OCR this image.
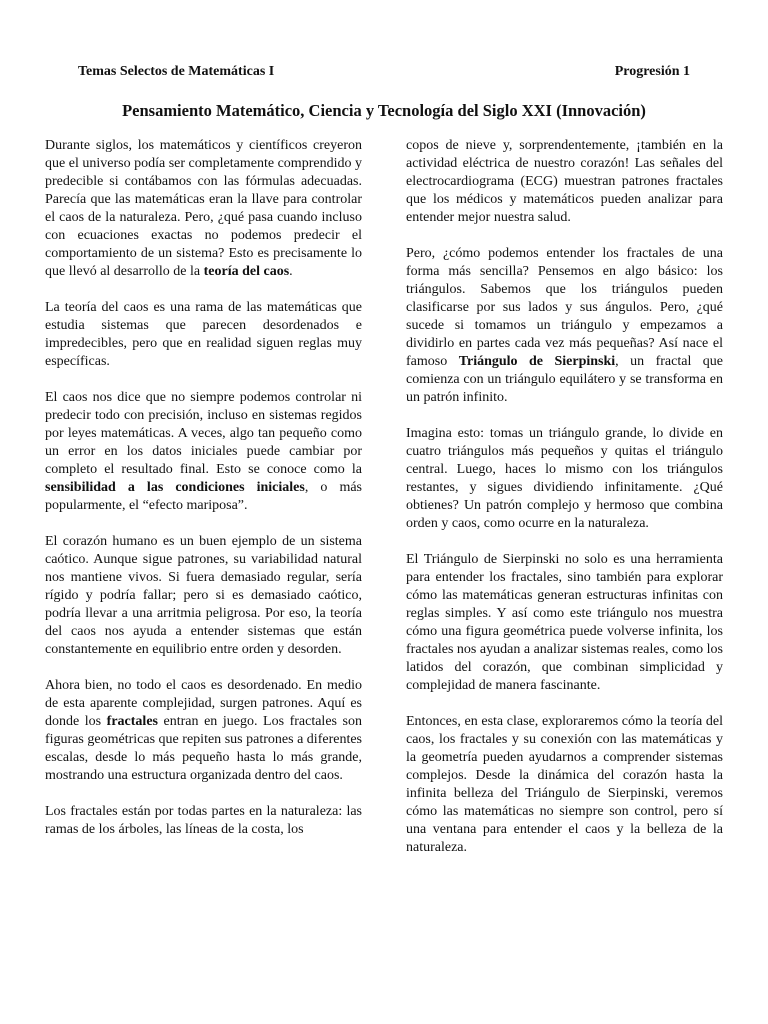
Temas Selectos de Matemáticas I	Progresión 1
Pensamiento Matemático, Ciencia y Tecnología del Siglo XXI (Innovación)

Durante siglos, los matemáticos y científicos creyeron que el universo podía ser completamente comprendido y predecible si contábamos con las fórmulas adecuadas. Parecía que las matemáticas eran la llave para controlar el caos de la naturaleza. Pero, ¿qué pasa cuando incluso con ecuaciones exactas no podemos predecir el comportamiento de un sistema? Esto es precisamente lo que llevó al desarrollo de la teoría del caos.

La teoría del caos es una rama de las matemáticas que estudia sistemas que parecen desordenados e impredecibles, pero que en realidad siguen reglas muy específicas.

El caos nos dice que no siempre podemos controlar ni predecir todo con precisión, incluso en sistemas regidos por leyes matemáticas. A veces, algo tan pequeño como un error en los datos iniciales puede cambiar por completo el resultado final. Esto se conoce como la sensibilidad a las condiciones iniciales, o más popularmente, el “efecto mariposa”.

El corazón humano es un buen ejemplo de un sistema caótico. Aunque sigue patrones, su variabilidad natural nos mantiene vivos. Si fuera demasiado regular, sería rígido y podría fallar; pero si es demasiado caótico, podría llevar a una arritmia peligrosa. Por eso, la teoría del caos nos ayuda a entender sistemas que están constantemente en equilibrio entre orden y desorden.

Ahora bien, no todo el caos es desordenado. En medio de esta aparente complejidad, surgen patrones. Aquí es donde los fractales entran en juego. Los fractales son figuras geométricas que repiten sus patrones a diferentes escalas, desde lo más pequeño hasta lo más grande, mostrando una estructura organizada dentro del caos.

Los fractales están por todas partes en la naturaleza: las ramas de los árboles, las líneas de la costa, los

copos de nieve y, sorprendentemente, ¡también en la actividad eléctrica de nuestro corazón! Las señales del electrocardiograma (ECG) muestran patrones fractales que los médicos y matemáticos pueden analizar para entender mejor nuestra salud.

Pero, ¿cómo podemos entender los fractales de una forma más sencilla? Pensemos en algo básico: los triángulos. Sabemos que los triángulos pueden clasificarse por sus lados y sus ángulos. Pero, ¿qué sucede si tomamos un triángulo y empezamos a dividirlo en partes cada vez más pequeñas? Así nace el famoso Triángulo de Sierpinski, un fractal que comienza con un triángulo equilátero y se transforma en un patrón infinito.

Imagina esto: tomas un triángulo grande, lo divide en cuatro triángulos más pequeños y quitas el triángulo central. Luego, haces lo mismo con los triángulos restantes, y sigues dividiendo infinitamente. ¿Qué obtienes? Un patrón complejo y hermoso que combina orden y caos, como ocurre en la naturaleza.

El Triángulo de Sierpinski no solo es una herramienta para entender los fractales, sino también para explorar cómo las matemáticas generan estructuras infinitas con reglas simples. Y así como este triángulo nos muestra cómo una figura geométrica puede volverse infinita, los fractales nos ayudan a analizar sistemas reales, como los latidos del corazón, que combinan simplicidad y complejidad de manera fascinante.

Entonces, en esta clase, exploraremos cómo la teoría del caos, los fractales y su conexión con las matemáticas y la geometría pueden ayudarnos a comprender sistemas complejos. Desde la dinámica del corazón hasta la infinita belleza del Triángulo de Sierpinski, veremos cómo las matemáticas no siempre son control, pero sí una ventana para entender el caos y la belleza de la naturaleza.
